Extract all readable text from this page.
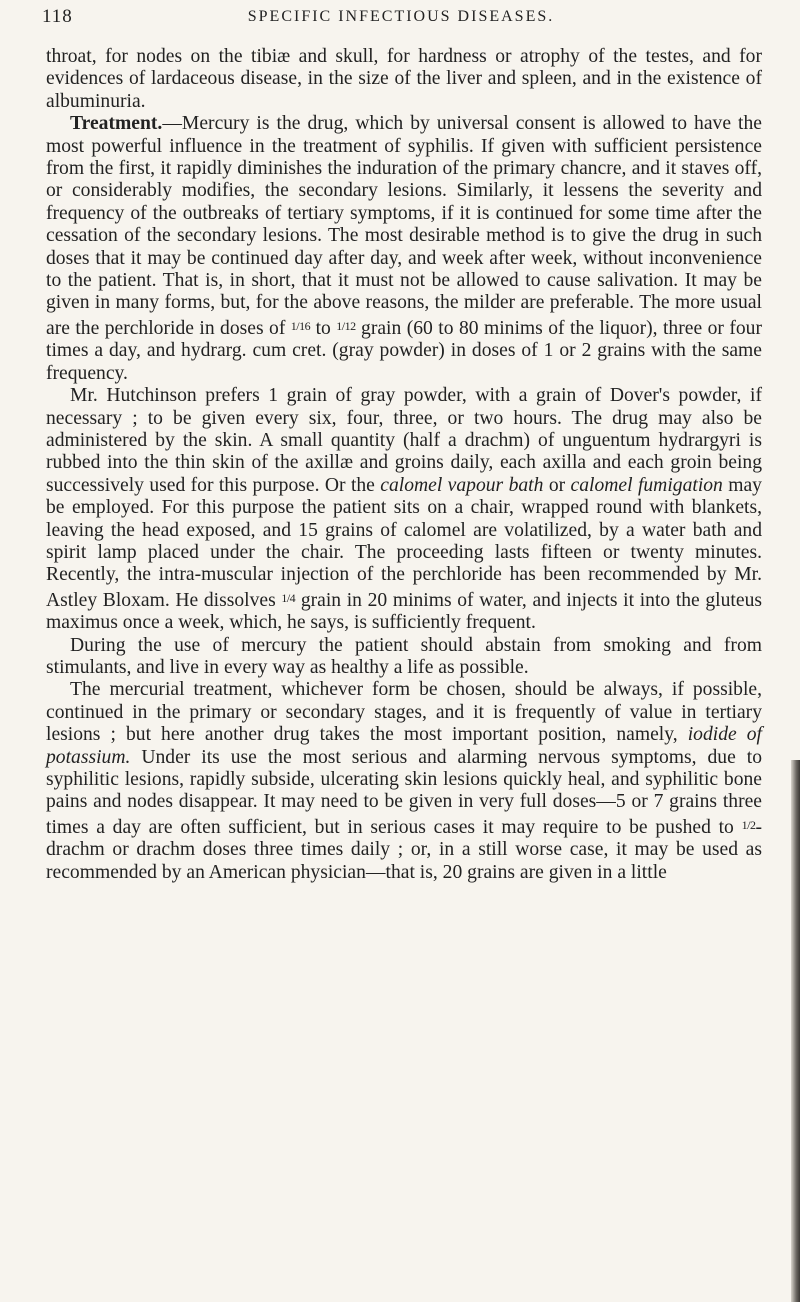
118	SPECIFIC INFECTIOUS DISEASES.

throat, for nodes on the tibiæ and skull, for hardness or atrophy of the testes, and for evidences of lardaceous disease, in the size of the liver and spleen, and in the existence of albuminuria.

Treatment.—Mercury is the drug, which by universal consent is allowed to have the most powerful influence in the treatment of syphilis. If given with sufficient persistence from the first, it rapidly diminishes the induration of the primary chancre, and it staves off, or considerably modifies, the secondary lesions. Similarly, it lessens the severity and frequency of the outbreaks of tertiary symptoms, if it is continued for some time after the cessation of the secondary lesions. The most desirable method is to give the drug in such doses that it may be continued day after day, and week after week, without inconvenience to the patient. That is, in short, that it must not be allowed to cause salivation. It may be given in many forms, but, for the above reasons, the milder are preferable. The more usual are the perchloride in doses of $^{1/16}$ to $^{1/12}$ grain (60 to 80 minims of the liquor), three or four times a day, and hydrarg. cum cret. (gray powder) in doses of 1 or 2 grains with the same frequency.

Mr. Hutchinson prefers 1 grain of gray powder, with a grain of Dover's powder, if necessary ; to be given every six, four, three, or two hours. The drug may also be administered by the skin. A small quantity (half a drachm) of unguentum hydrargyri is rubbed into the thin skin of the axillæ and groins daily, each axilla and each groin being successively used for this purpose. Or the calomel vapour bath or calomel fumigation may be employed. For this purpose the patient sits on a chair, wrapped round with blankets, leaving the head exposed, and 15 grains of calomel are volatilized, by a water bath and spirit lamp placed under the chair. The proceeding lasts fifteen or twenty minutes. Recently, the intra-muscular injection of the perchloride has been recommended by Mr. Astley Bloxam. He dissolves $^{1/4}$ grain in 20 minims of water, and injects it into the gluteus maximus once a week, which, he says, is sufficiently frequent.

During the use of mercury the patient should abstain from smoking and from stimulants, and live in every way as healthy a life as possible.

The mercurial treatment, whichever form be chosen, should be always, if possible, continued in the primary or secondary stages, and it is frequently of value in tertiary lesions ; but here another drug takes the most important position, namely, iodide of potassium. Under its use the most serious and alarming nervous symptoms, due to syphilitic lesions, rapidly subside, ulcerating skin lesions quickly heal, and syphilitic bone pains and nodes disappear. It may need to be given in very full doses—5 or 7 grains three times a day are often sufficient, but in serious cases it may require to be pushed to $^{1/2}$-drachm or drachm doses three times daily ; or, in a still worse case, it may be used as recommended by an American physician—that is, 20 grains are given in a little
